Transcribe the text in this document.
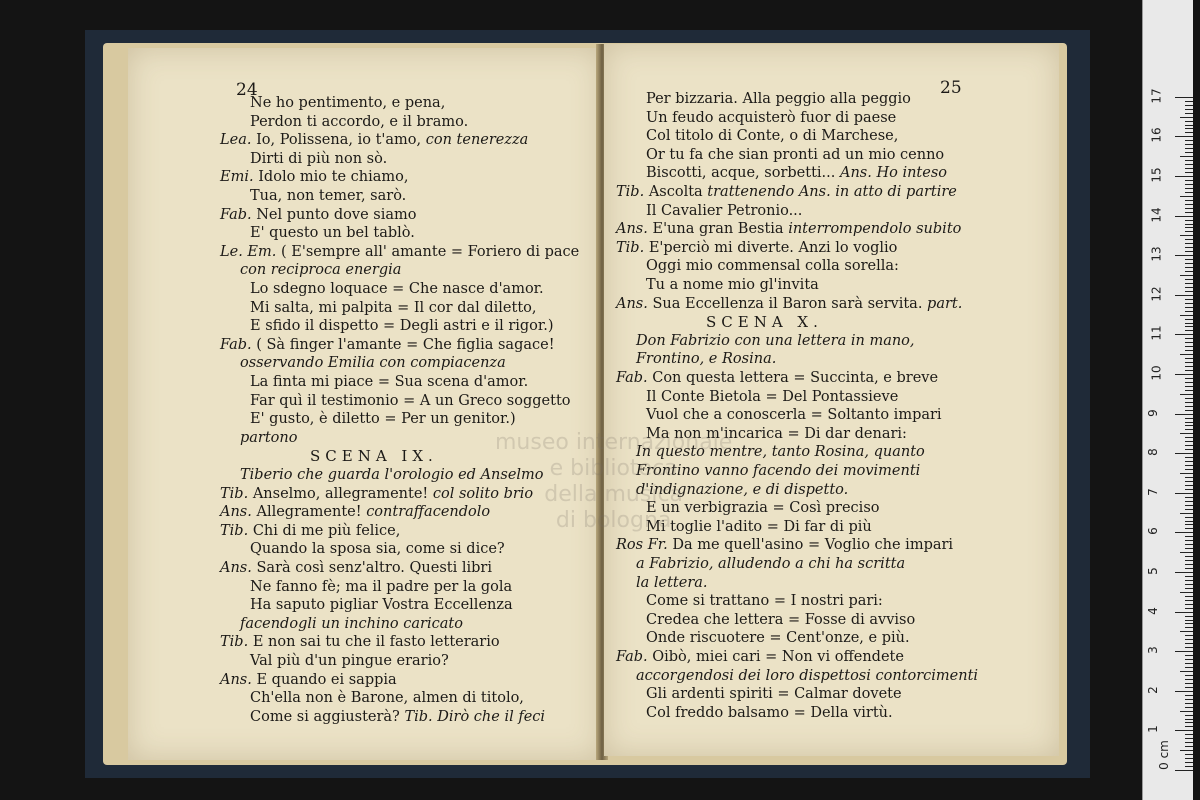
24
Ne ho pentimento, e pena,
Perdon ti accordo, e il bramo.
Lea. Io, Polissena, io t'amo, con tenerezza
Dirti di più non sò.
Emi. Idolo mio te chiamo,
Tua, non temer, sarò.
Fab. Nel punto dove siamo
E' questo un bel tablò.
Le. Em. ( E'sempre all' amante = Foriero di pace
con reciproca energia
Lo sdegno loquace = Che nasce d'amor.
Mi salta, mi palpita = Il cor dal diletto,
E sfido il dispetto = Degli astri e il rigor.)
Fab. ( Sà finger l'amante = Che figlia sagace!
osservando Emilia con compiacenza
La finta mi piace = Sua scena d'amor.
Far quì il testimonio = A un Greco soggetto
E' gusto, è diletto = Per un genitor.)
partono
SCENA IX.
Tiberio che guarda l'orologio ed Anselmo
Tib. Anselmo, allegramente! col solito brio
Ans. Allegramente! contraffacendolo
Tib. Chi di me più felice,
Quando la sposa sia, come si dice?
Ans. Sarà così senz'altro. Questi libri
Ne fanno fè; ma il padre per la gola
Ha saputo pigliar Vostra Eccellenza
facendogli un inchino caricato
Tib. E non sai tu che il fasto letterario
Val più d'un pingue erario?
Ans. E quando ei sappia
Ch'ella non è Barone, almen di titolo,
Come si aggiusterà? Tib. Dirò che il feci
25
Per bizzaria. Alla peggio alla peggio
Un feudo acquisterò fuor di paese
Col titolo di Conte, o di Marchese,
Or tu fa che sian pronti ad un mio cenno
Biscotti, acque, sorbetti... Ans. Ho inteso
Tib. Ascolta trattenendo Ans. in atto di partire
Il Cavalier Petronio...
Ans. E'una gran Bestia interrompendolo subito
Tib. E'perciò mi diverte. Anzi lo voglio
Oggi mio commensal colla sorella:
Tu a nome mio gl'invita
Ans. Sua Eccellenza il Baron sarà servita. part.
SCENA X.
Don Fabrizio con una lettera in mano,
Frontino, e Rosina.
Fab. Con questa lettera = Succinta, e breve
Il Conte Bietola = Del Pontassieve
Vuol che a conoscerla = Soltanto impari
Ma non m'incarica = Di dar denari:
In questo mentre, tanto Rosina, quanto
Frontino vanno facendo dei movimenti
d'indignazione, e di dispetto.
E un verbigrazia = Così preciso
Mi toglie l'adito = Di far di più
Ros Fr. Da me quell'asino = Voglio che impari
a Fabrizio, alludendo a chi ha scritta
la lettera.
Come si trattano = I nostri pari:
Credea che lettera = Fosse di avviso
Onde riscuotere = Cent'onze, e più.
Fab. Oibò, miei cari = Non vi offendete
accorgendosi dei loro dispettosi contorcimenti
Gli ardenti spiriti = Calmar dovete
Col freddo balsamo = Della virtù.
museo internazionale
e biblioteca
della musica
di bologna
0 cm
1
2
3
4
5
6
7
8
9
10
11
12
13
14
15
16
17
